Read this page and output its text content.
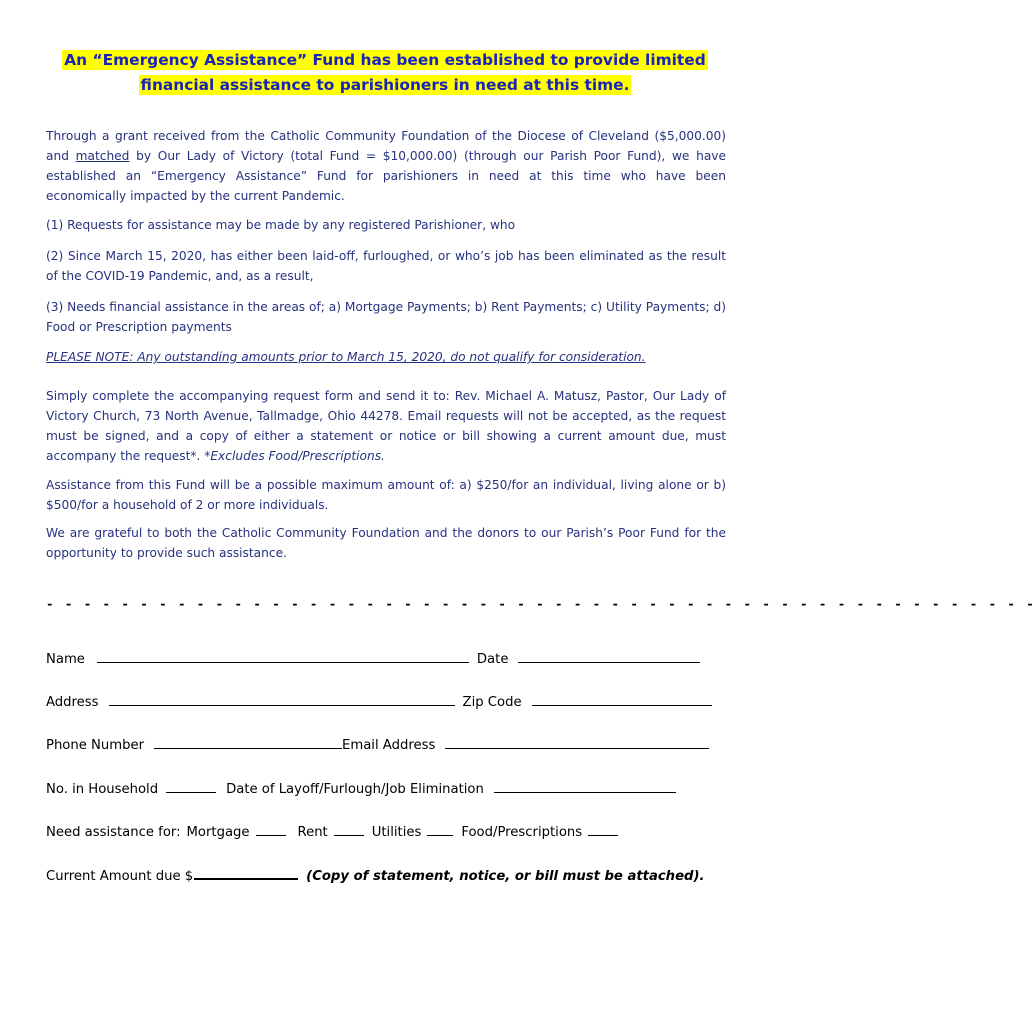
An “Emergency Assistance” Fund has been established to provide limited
financial assistance to parishioners in need at this time.

Through a grant received from the Catholic Community Foundation of the Diocese of Cleveland ($5,000.00) and matched by Our Lady of Victory (total Fund = $10,000.00) (through our Parish Poor Fund), we have established an “Emergency Assistance” Fund for parishioners in need at this time who have been economically impacted by the current Pandemic.

(1) Requests for assistance may be made by any registered Parishioner, who

(2) Since March 15, 2020, has either been laid-off, furloughed, or who’s job has been eliminated as the result of the COVID-19 Pandemic, and, as a result,

(3) Needs financial assistance in the areas of; a) Mortgage Payments; b) Rent Payments; c) Utility Payments; d) Food or Prescription payments

PLEASE NOTE: Any outstanding amounts prior to March 15, 2020, do not qualify for consideration.

Simply complete the accompanying request form and send it to: Rev. Michael A. Matusz, Pastor, Our Lady of Victory Church, 73 North Avenue, Tallmadge, Ohio 44278. Email requests will not be accepted, as the request must be signed, and a copy of either a statement or notice or bill showing a current amount due, must accompany the request*. *Excludes Food/Prescriptions.

Assistance from this Fund will be a possible maximum amount of: a) $250/for an individual, living alone or b) $500/for a household of 2 or more individuals.

We are grateful to both the Catholic Community Foundation and the donors to our Parish’s Poor Fund for the opportunity to provide such assistance.

- - - - - - - - - - - - - - - - - - - - - - - - - - - - - - - - - - - - - - - - - - - - - - - - - - - - -
Name	Date
Address	Zip Code
Phone Number	Email Address
No. in Household	Date of Layoff/Furlough/Job Elimination
Need assistance for: Mortgage	Rent	Utilities	Food/Prescriptions
Current Amount due $	(Copy of statement, notice, or bill must be attached).
